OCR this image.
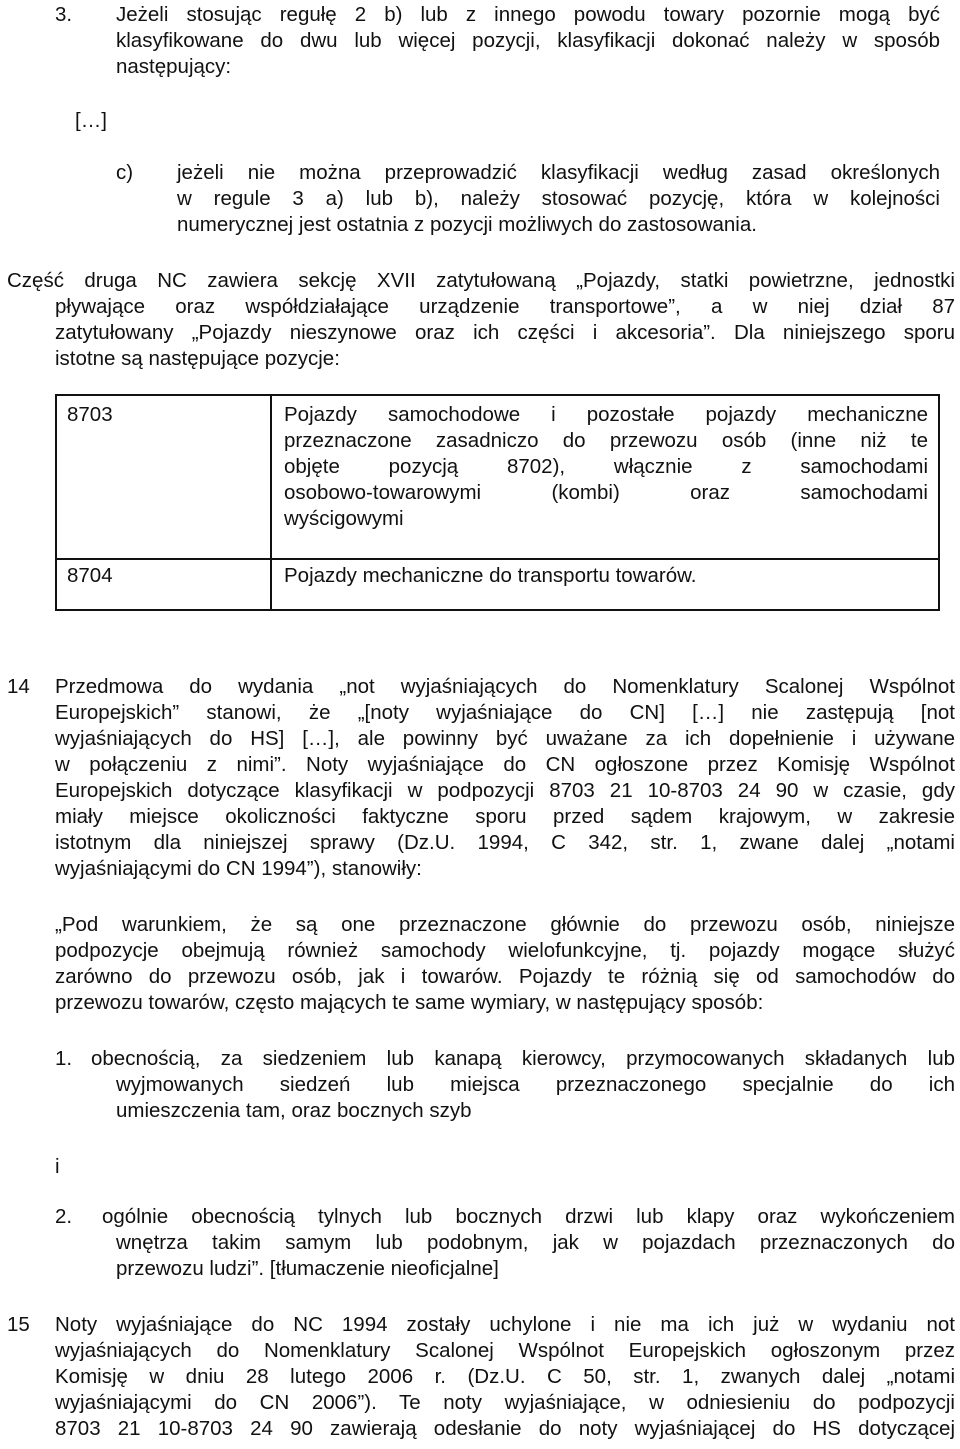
3. Jeżeli stosując regułę 2 b) lub z innego powodu towary pozornie mogą być
klasyfikowane do dwu lub więcej pozycji, klasyfikacji dokonać należy w sposób
następujący:
[…]
c) jeżeli nie można przeprowadzić klasyfikacji według zasad określonych
w regule 3 a) lub b), należy stosować pozycję, która w kolejności
numerycznej jest ostatnia z pozycji możliwych do zastosowania.
Część druga NC zawiera sekcję XVII zatytułowaną „Pojazdy, statki powietrzne, jednostki
pływające oraz współdziałające urządzenie transportowe”, a w niej dział 87
zatytułowany „Pojazdy nieszynowe oraz ich części i akcesoria”. Dla niniejszego sporu
istotne są następujące pozycje:
8703	Pojazdy samochodowe i pozostałe pojazdy mechaniczne
przeznaczone zasadniczo do przewozu osób (inne niż te
objęte pozycją 8702), włącznie z samochodami
osobowo-towarowymi (kombi) oraz samochodami
wyścigowymi
8704	Pojazdy mechaniczne do transportu towarów.
14 Przedmowa do wydania „not wyjaśniających do Nomenklatury Scalonej Wspólnot
Europejskich” stanowi, że „[noty wyjaśniające do CN] […] nie zastępują [not
wyjaśniających do HS] […], ale powinny być uważane za ich dopełnienie i używane
w połączeniu z nimi”. Noty wyjaśniające do CN ogłoszone przez Komisję Wspólnot
Europejskich dotyczące klasyfikacji w podpozycji 8703 21 10-8703 24 90 w czasie, gdy
miały miejsce okoliczności faktyczne sporu przed sądem krajowym, w zakresie
istotnym dla niniejszej sprawy (Dz.U. 1994, C 342, str. 1, zwane dalej „notami
wyjaśniającymi do CN 1994”), stanowiły:
„Pod warunkiem, że są one przeznaczone głównie do przewozu osób, niniejsze
podpozycje obejmują również samochody wielofunkcyjne, tj. pojazdy mogące służyć
zarówno do przewozu osób, jak i towarów. Pojazdy te różnią się od samochodów do
przewozu towarów, często mających te same wymiary, w następujący sposób:
1. obecnością, za siedzeniem lub kanapą kierowcy, przymocowanych składanych lub
wyjmowanych siedzeń lub miejsca przeznaczonego specjalnie do ich
umieszczenia tam, oraz bocznych szyb
i
2. ogólnie obecnością tylnych lub bocznych drzwi lub klapy oraz wykończeniem
wnętrza takim samym lub podobnym, jak w pojazdach przeznaczonych do
przewozu ludzi”. [tłumaczenie nieoficjalne]
15 Noty wyjaśniające do NC 1994 zostały uchylone i nie ma ich już w wydaniu not
wyjaśniających do Nomenklatury Scalonej Wspólnot Europejskich ogłoszonym przez
Komisję w dniu 28 lutego 2006 r. (Dz.U. C 50, str. 1, zwanych dalej „notami
wyjaśniającymi do CN 2006”). Te noty wyjaśniające, w odniesieniu do podpozycji
8703 21 10-8703 24 90 zawierają odesłanie do noty wyjaśniającej do HS dotyczącej
